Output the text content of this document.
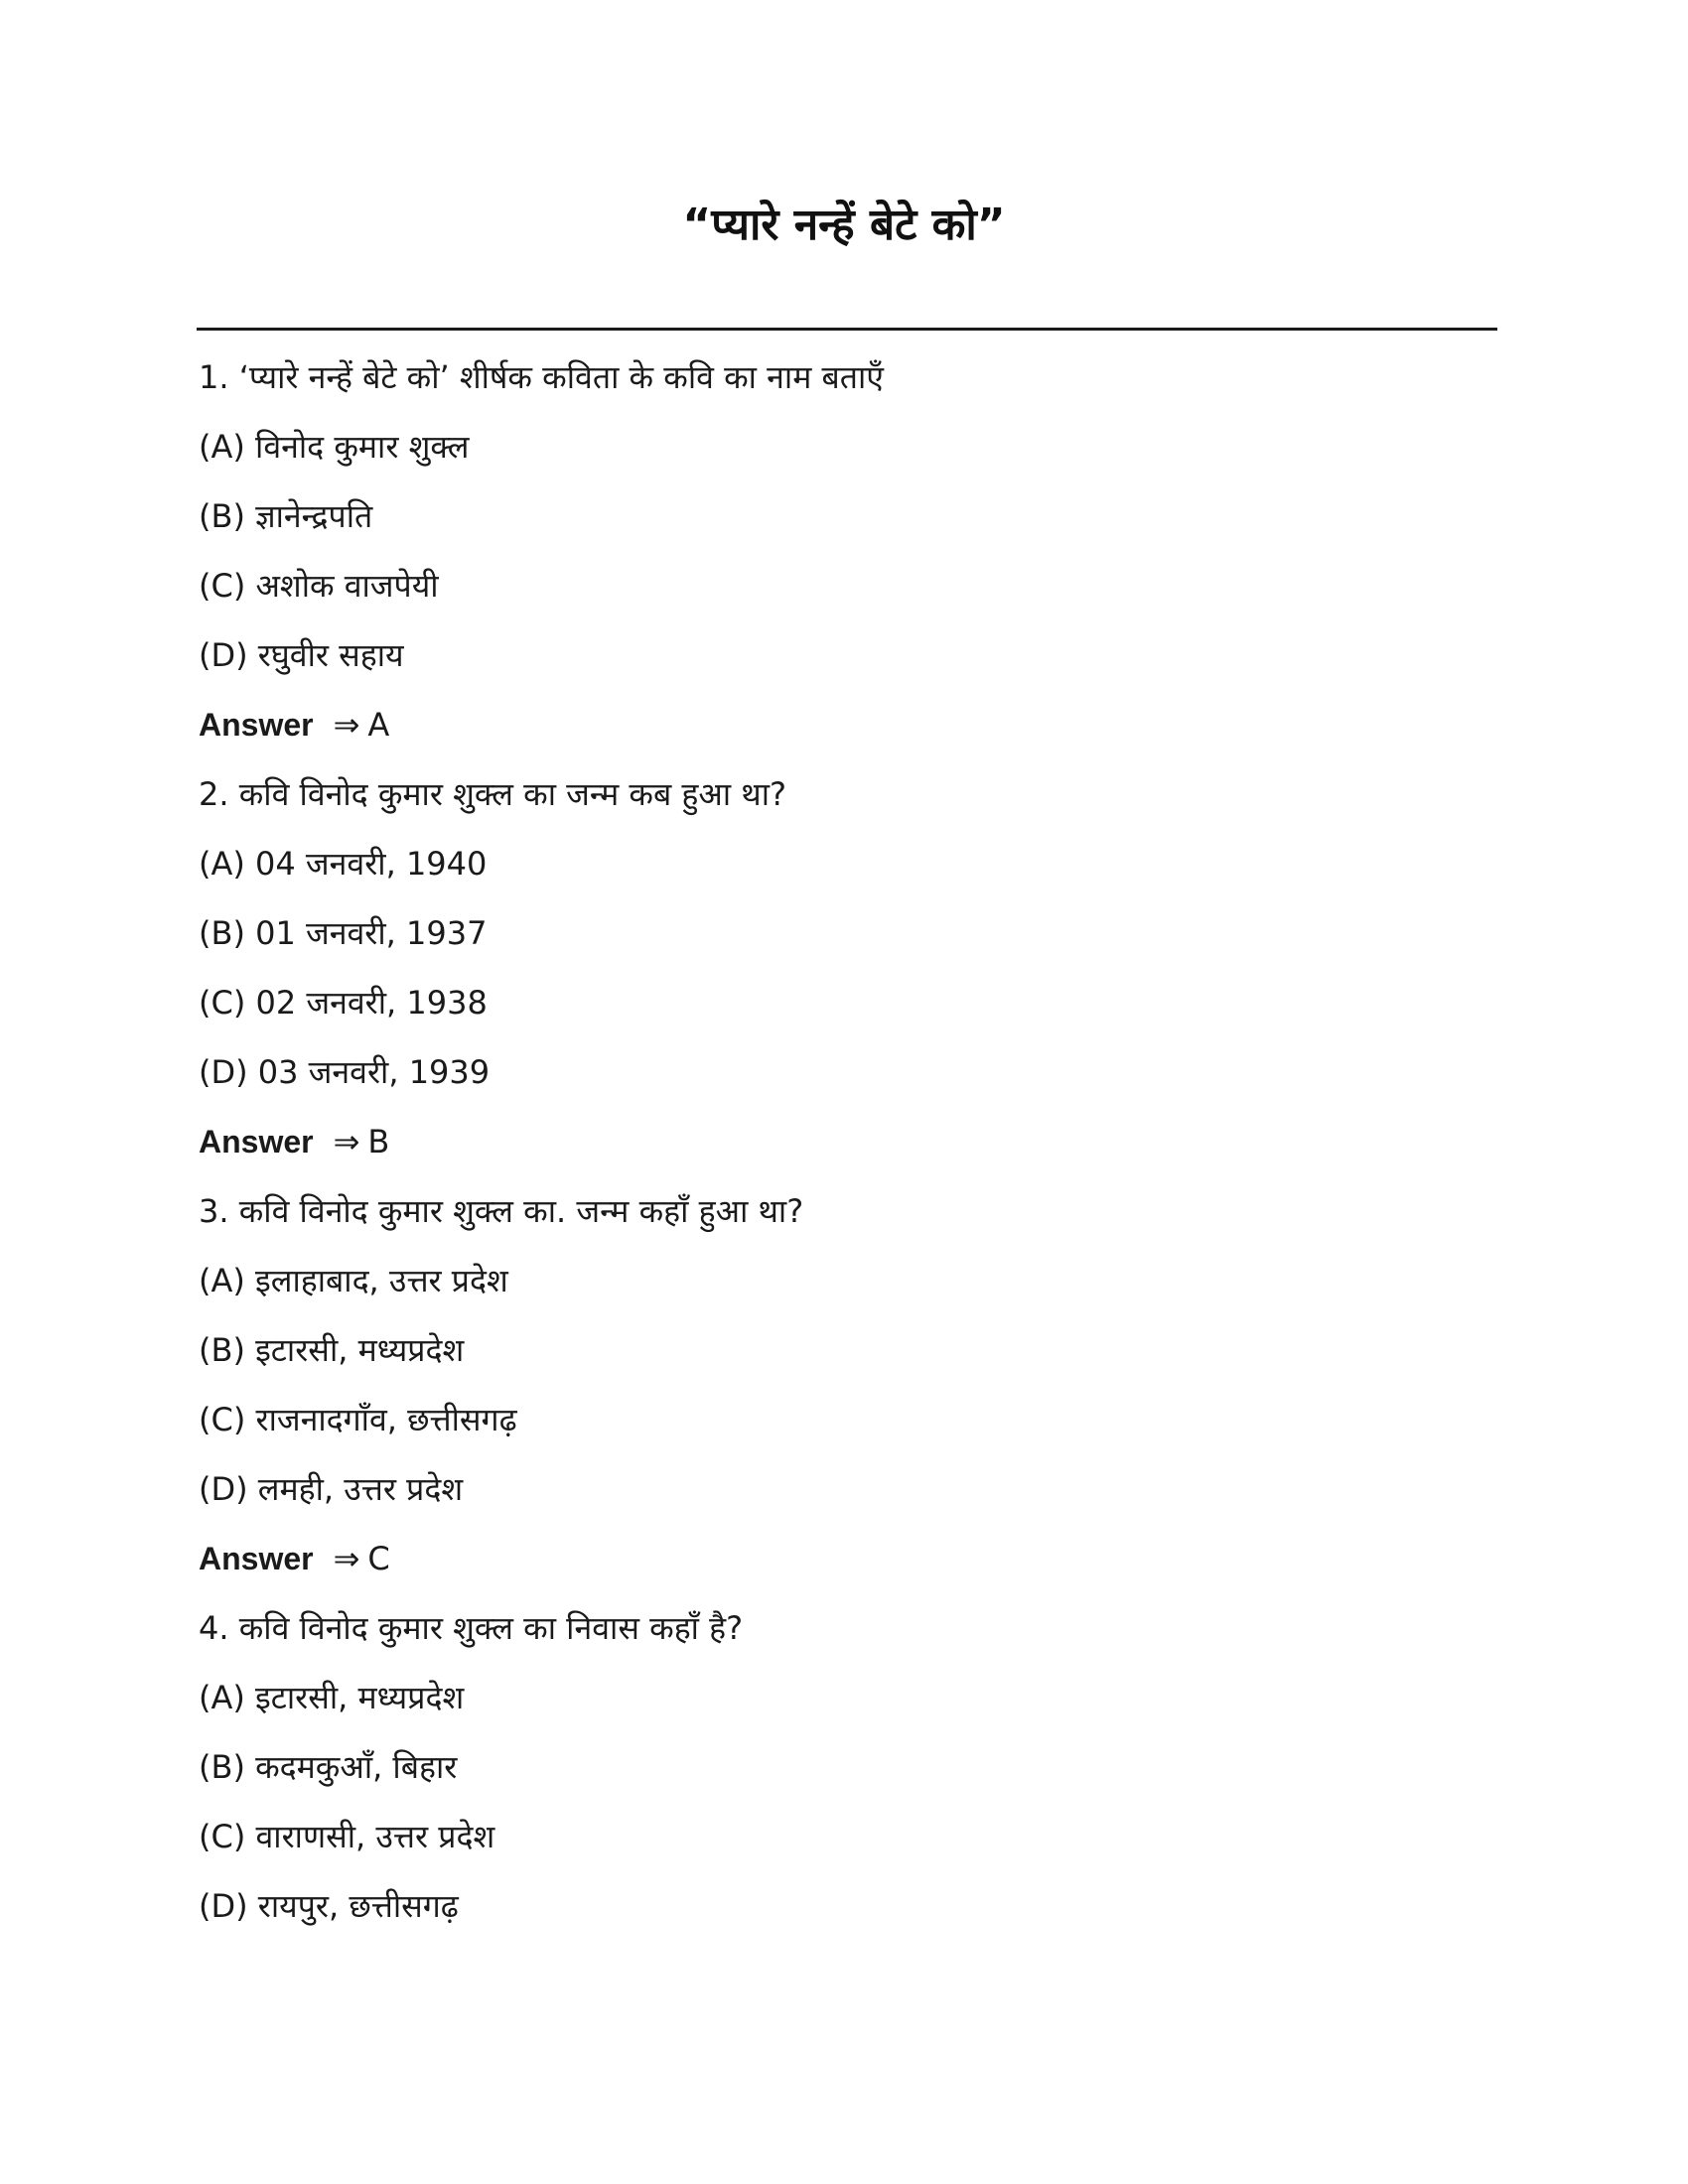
“प्यारे नन्हें बेटे को”
1. ‘प्यारे नन्हें बेटे को’ शीर्षक कविता के कवि का नाम बताएँ
(A) विनोद कुमार शुक्ल
(B) ज्ञानेन्द्रपति
(C) अशोक वाजपेयी
(D) रघुवीर सहाय
Answer ⇒ A
2. कवि विनोद कुमार शुक्ल का जन्म कब हुआ था?
(A) 04 जनवरी, 1940
(B) 01 जनवरी, 1937
(C) 02 जनवरी, 1938
(D) 03 जनवरी, 1939
Answer ⇒ B
3. कवि विनोद कुमार शुक्ल का. जन्म कहाँ हुआ था?
(A) इलाहाबाद, उत्तर प्रदेश
(B) इटारसी, मध्यप्रदेश
(C) राजनादगाँव, छत्तीसगढ़
(D) लमही, उत्तर प्रदेश
Answer ⇒ C
4. कवि विनोद कुमार शुक्ल का निवास कहाँ है?
(A) इटारसी, मध्यप्रदेश
(B) कदमकुआँ, बिहार
(C) वाराणसी, उत्तर प्रदेश
(D) रायपुर, छत्तीसगढ़
